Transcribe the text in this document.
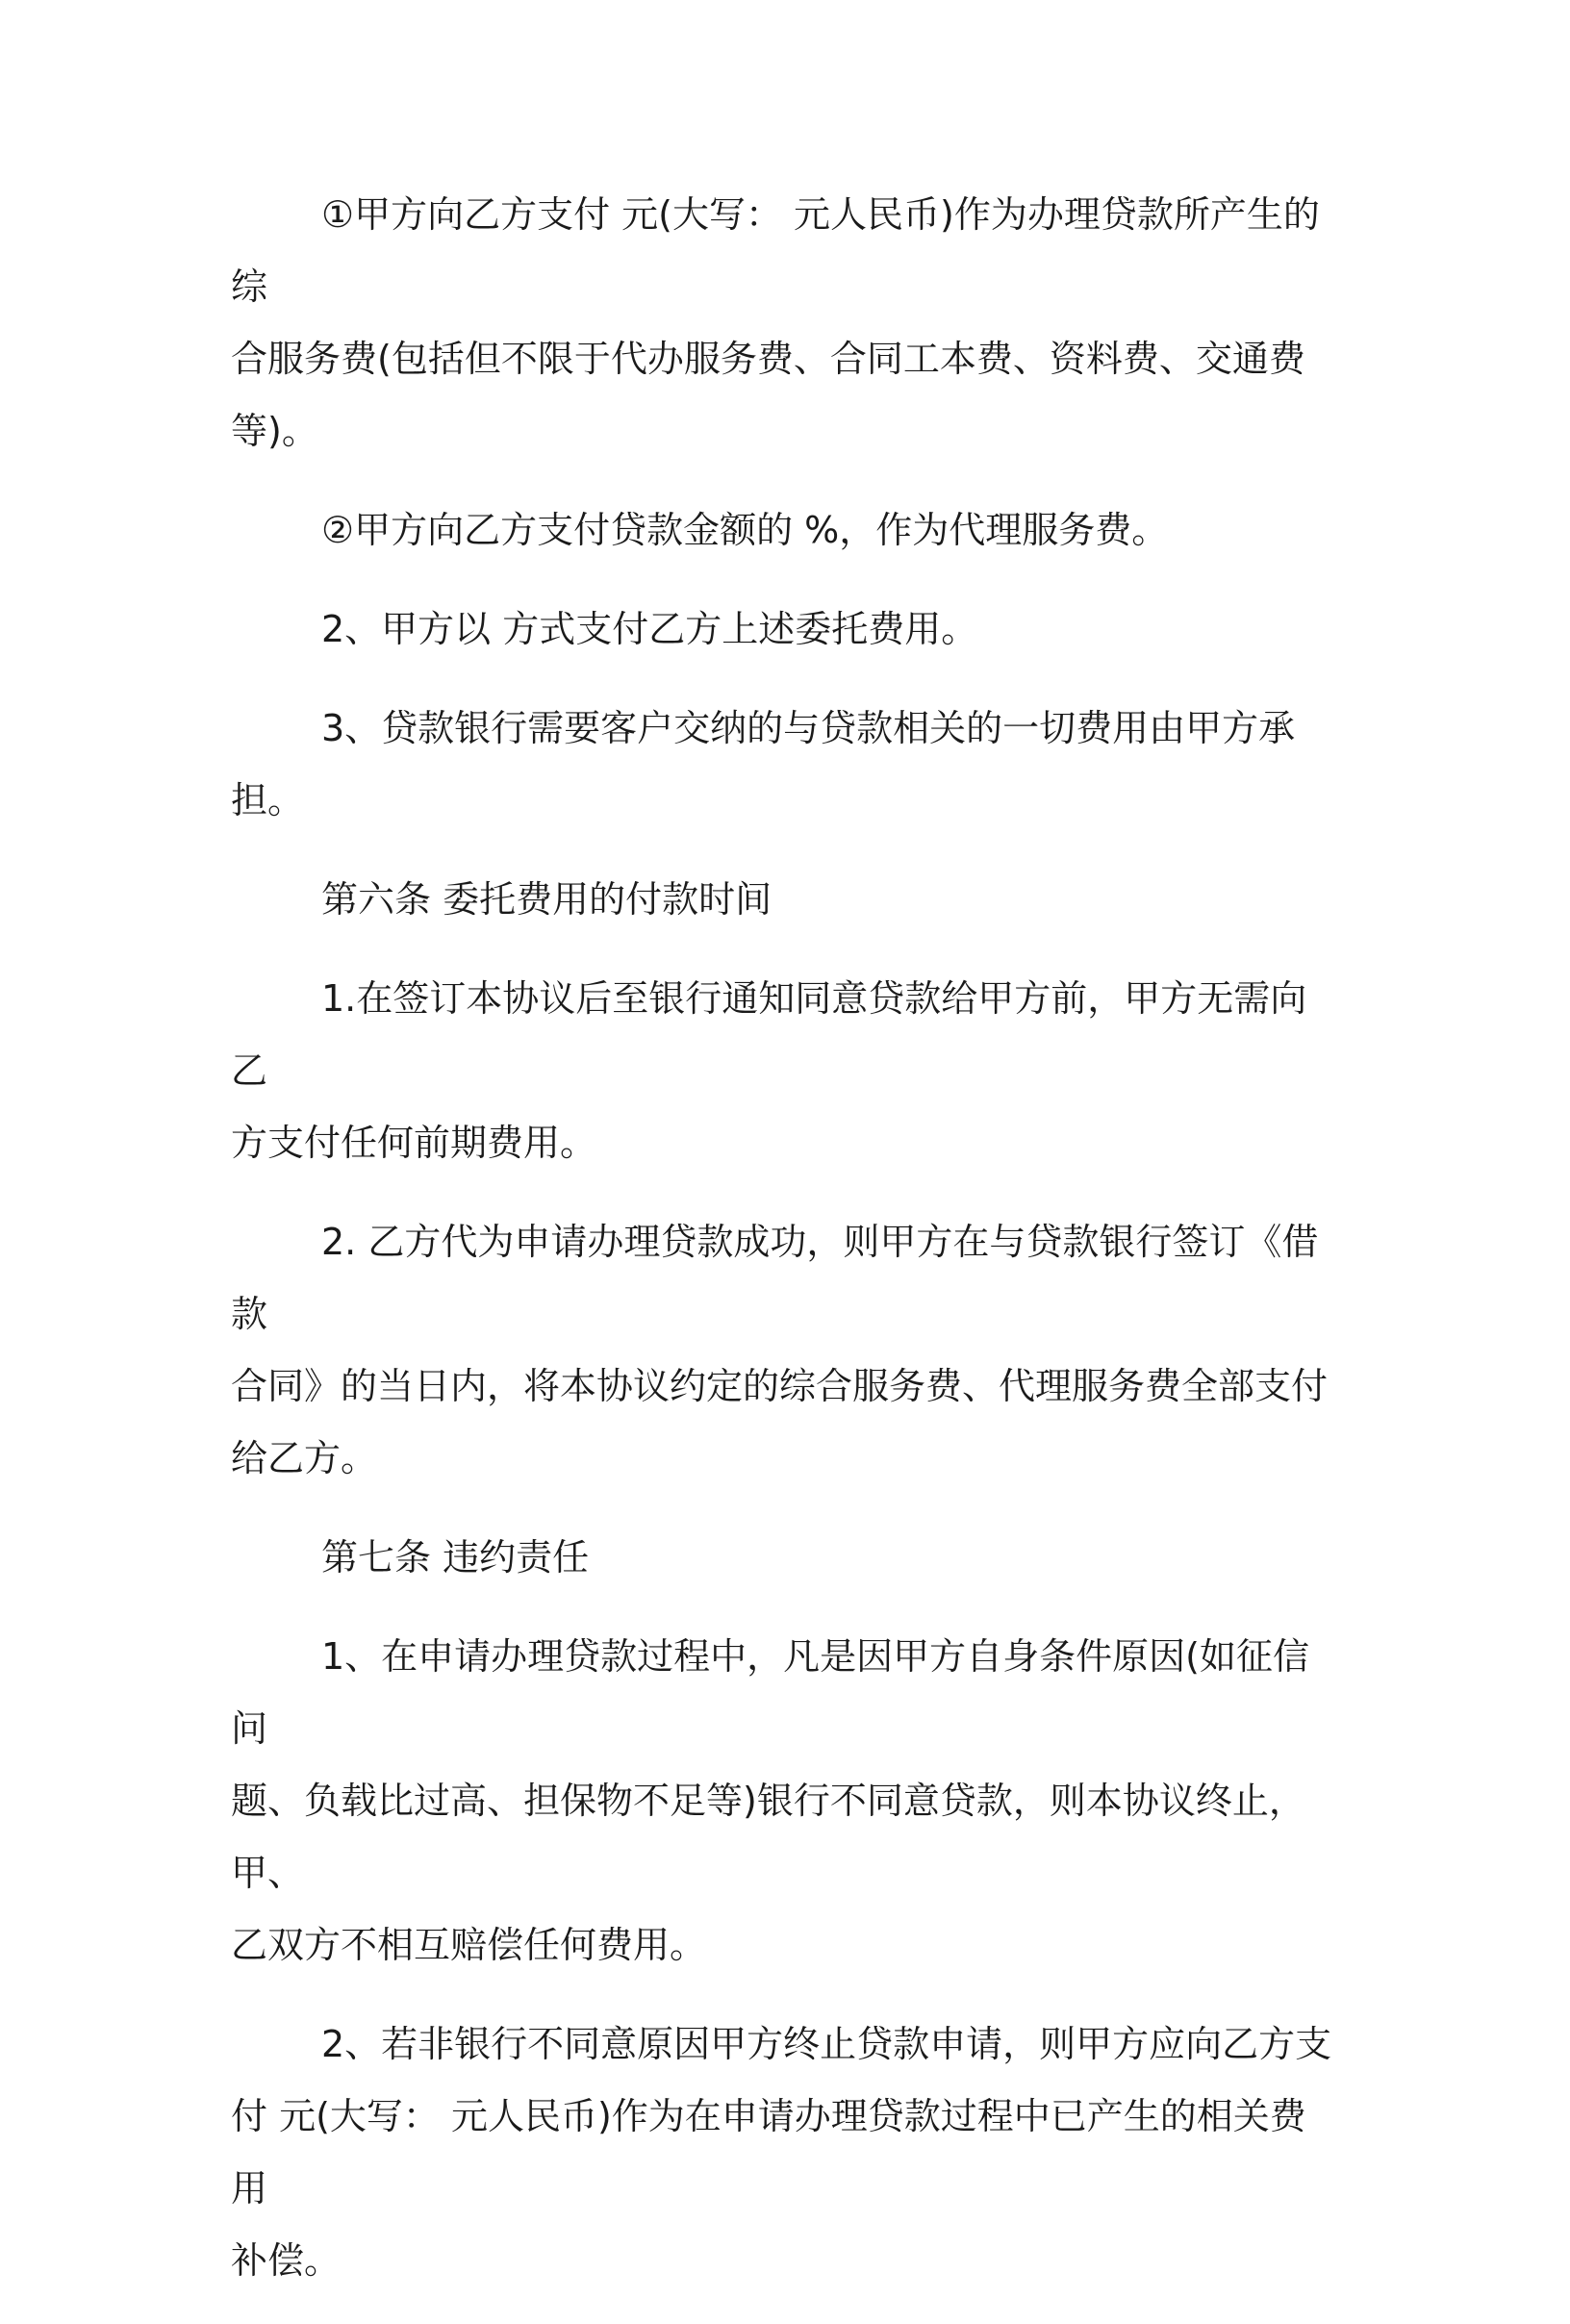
①甲方向乙方支付 元(大写： 元人民币)作为办理贷款所产生的综
合服务费(包括但不限于代办服务费、合同工本费、资料费、交通费等)。

②甲方向乙方支付贷款金额的 %，作为代理服务费。

2、甲方以 方式支付乙方上述委托费用。

3、贷款银行需要客户交纳的与贷款相关的一切费用由甲方承担。

第六条 委托费用的付款时间

1.在签订本协议后至银行通知同意贷款给甲方前，甲方无需向乙
方支付任何前期费用。

2. 乙方代为申请办理贷款成功，则甲方在与贷款银行签订《借款
合同》的当日内，将本协议约定的综合服务费、代理服务费全部支付
给乙方。

第七条 违约责任

1、在申请办理贷款过程中，凡是因甲方自身条件原因(如征信问
题、负载比过高、担保物不足等)银行不同意贷款，则本协议终止，甲、
乙双方不相互赔偿任何费用。

2、若非银行不同意原因甲方终止贷款申请，则甲方应向乙方支
付 元(大写： 元人民币)作为在申请办理贷款过程中已产生的相关费用
补偿。
